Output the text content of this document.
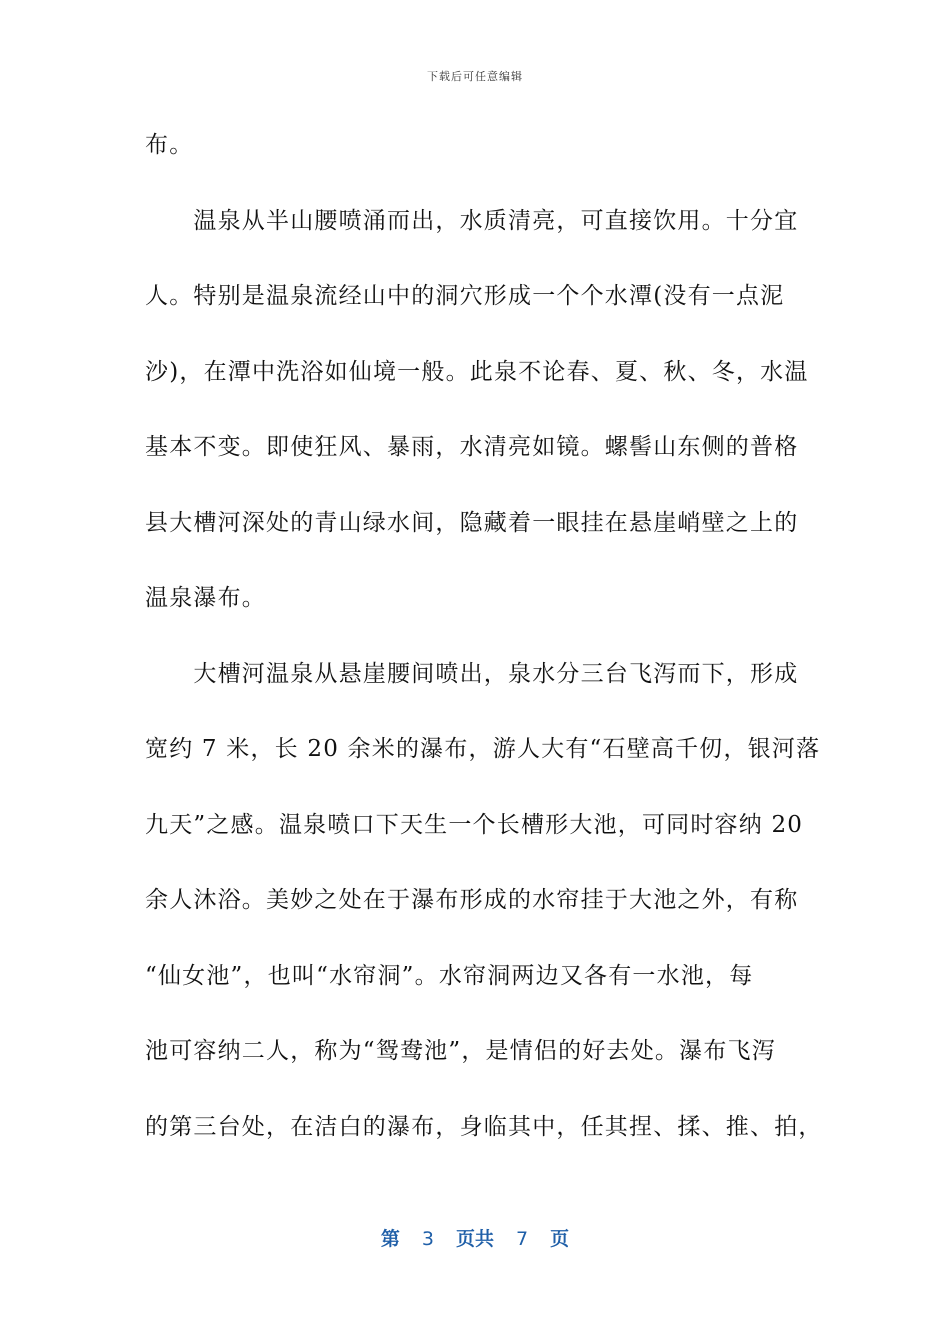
下载后可任意编辑
布。
　　温泉从半山腰喷涌而出，水质清亮，可直接饮用。十分宜
人。特别是温泉流经山中的洞穴形成一个个水潭(没有一点泥
沙)，在潭中洗浴如仙境一般。此泉不论春、夏、秋、冬，水温
基本不变。即使狂风、暴雨，水清亮如镜。螺髻山东侧的普格
县大槽河深处的青山绿水间，隐藏着一眼挂在悬崖峭壁之上的
温泉瀑布。
　　大槽河温泉从悬崖腰间喷出，泉水分三台飞泻而下，形成
宽约 7 米，长 20 余米的瀑布，游人大有“石壁高千仞，银河落
九天”之感。温泉喷口下天生一个长槽形大池，可同时容纳 20
余人沐浴。美妙之处在于瀑布形成的水帘挂于大池之外，有称
“仙女池”，也叫“水帘洞”。水帘洞两边又各有一水池，每
池可容纳二人，称为“鸳鸯池”，是情侣的好去处。瀑布飞泻
的第三台处，在洁白的瀑布，身临其中，任其捏、揉、推、拍，
第 3 页共 7 页
